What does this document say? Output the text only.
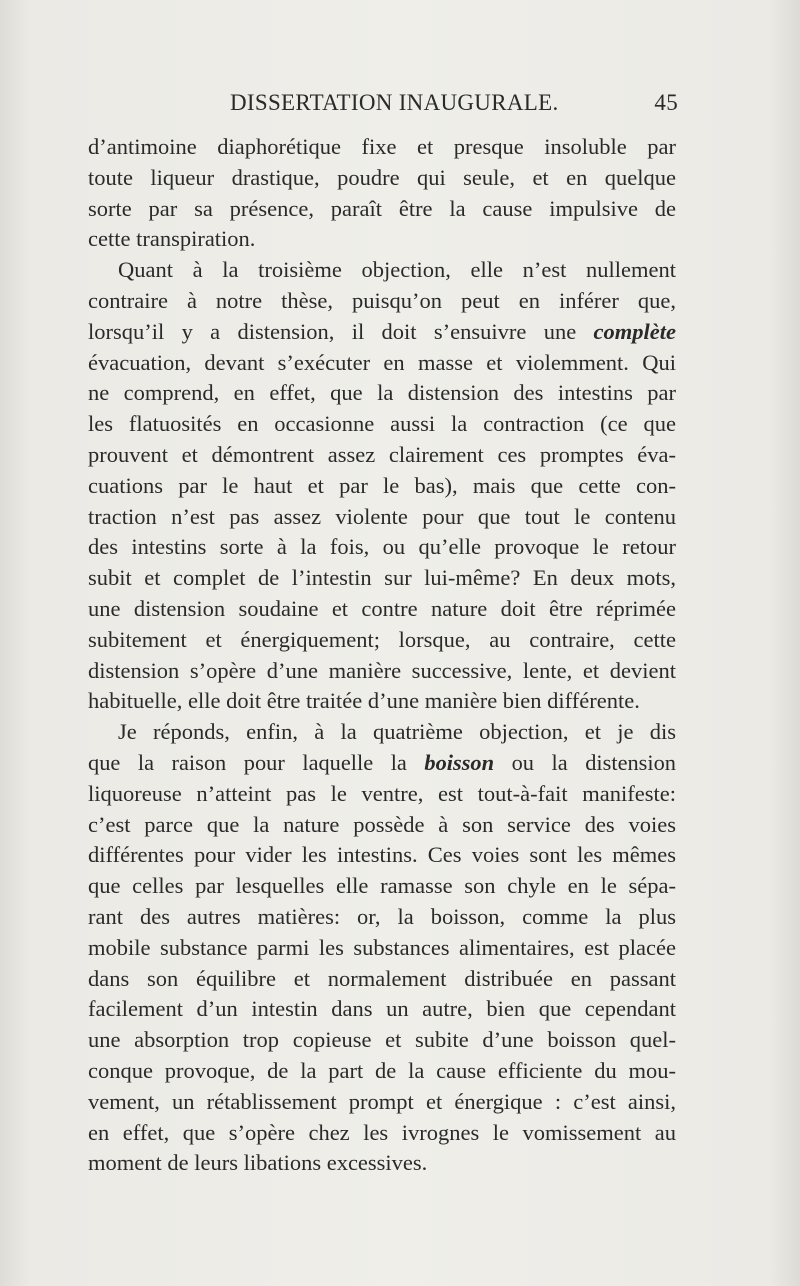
DISSERTATION INAUGURALE.	45
d’antimoine diaphorétique fixe et presque insoluble par
toute liqueur drastique, poudre qui seule, et en quelque
sorte par sa présence, paraît être la cause impulsive de
cette transpiration.
Quant à la troisième objection, elle n’est nullement
contraire à notre thèse, puisqu’on peut en inférer que,
lorsqu’il y a distension, il doit s’ensuivre une complète
évacuation, devant s’exécuter en masse et violemment. Qui
ne comprend, en effet, que la distension des intestins par
les flatuosités en occasionne aussi la contraction (ce que
prouvent et démontrent assez clairement ces promptes éva-
cuations par le haut et par le bas), mais que cette con-
traction n’est pas assez violente pour que tout le contenu
des intestins sorte à la fois, ou qu’elle provoque le retour
subit et complet de l’intestin sur lui-même? En deux mots,
une distension soudaine et contre nature doit être réprimée
subitement et énergiquement; lorsque, au contraire, cette
distension s’opère d’une manière successive, lente, et devient
habituelle, elle doit être traitée d’une manière bien différente.
Je réponds, enfin, à la quatrième objection, et je dis
que la raison pour laquelle la boisson ou la distension
liquoreuse n’atteint pas le ventre, est tout-à-fait manifeste:
c’est parce que la nature possède à son service des voies
différentes pour vider les intestins. Ces voies sont les mêmes
que celles par lesquelles elle ramasse son chyle en le sépa-
rant des autres matières: or, la boisson, comme la plus
mobile substance parmi les substances alimentaires, est placée
dans son équilibre et normalement distribuée en passant
facilement d’un intestin dans un autre, bien que cependant
une absorption trop copieuse et subite d’une boisson quel-
conque provoque, de la part de la cause efficiente du mou-
vement, un rétablissement prompt et énergique : c’est ainsi,
en effet, que s’opère chez les ivrognes le vomissement au
moment de leurs libations excessives.
